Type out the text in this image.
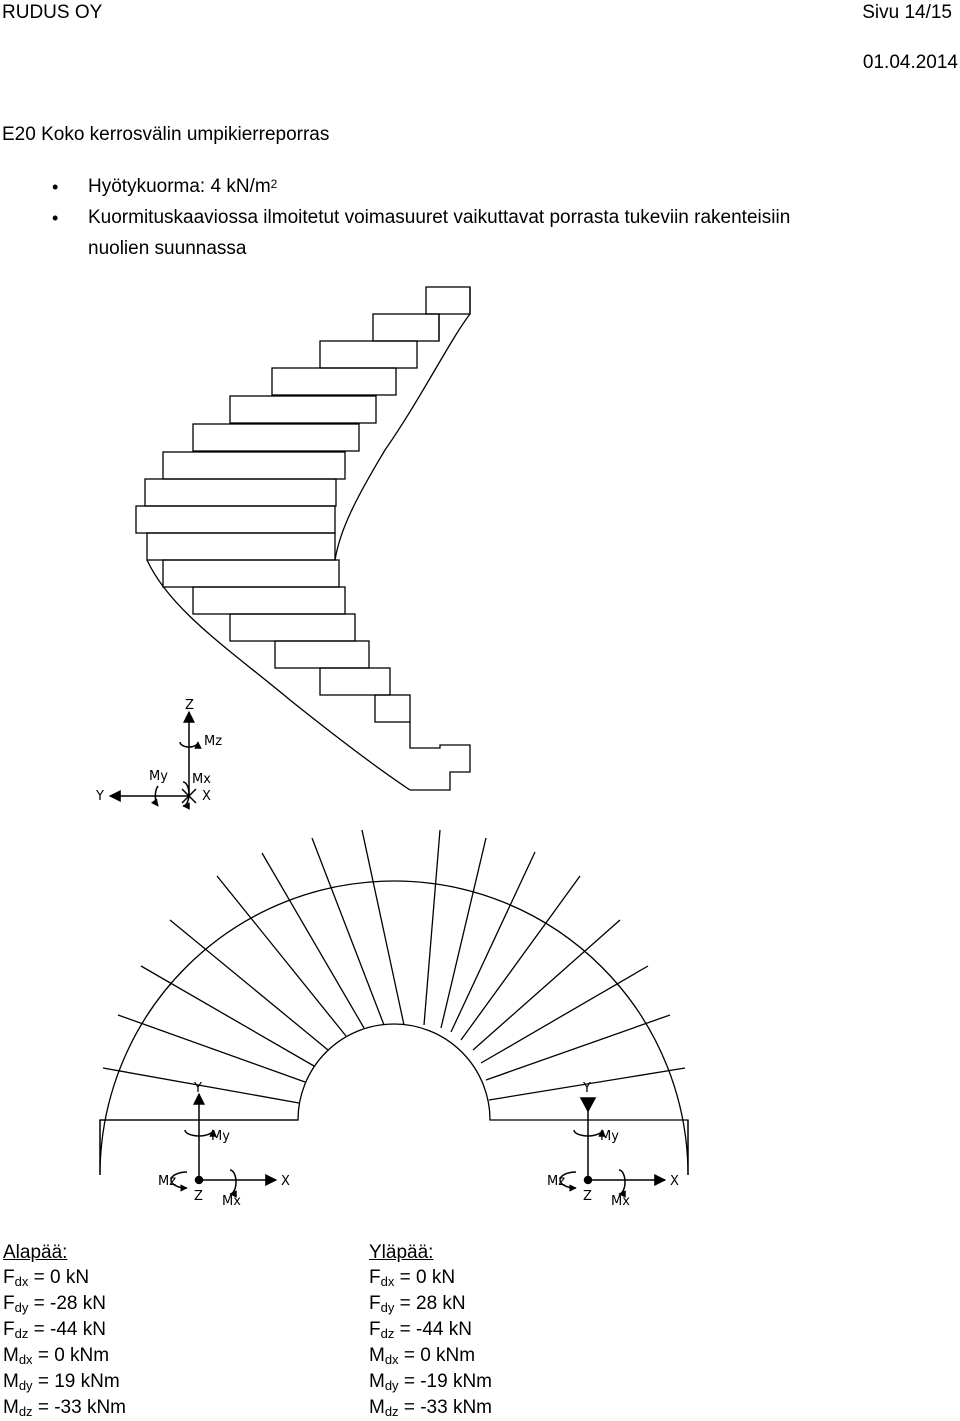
RUDUS OY	Sivu 14/15
01.04.2014
E20 Koko kerrosvälin umpikierreporras
•
Hyötykuorma: 4 $kN/m^2$
•
Kuormituskaaviossa ilmoitetut voimasuuret vaikuttavat porrasta tukeviin rakenteisiin
nuolien suunnassa
Z
Mz
My Mx
Y	X
Y
My
Mz
Z
X
Mx
Y
My
Mz
Z
X
Mx
Alapää:
$F_{dx} = 0$ kN
$F_{dy} = -28$ kN
$F_{dz} = -44$ kN
$M_{dx} = 0$ kNm
$M_{dy} = 19$ kNm
$M_{dz} = -33$ kNm
Yläpää:
$F_{dx} = 0$ kN
$F_{dy} = 28$ kN
$F_{dz} = -44$ kN
$M_{dx} = 0$ kNm
$M_{dy} = -19$ kNm
$M_{dz} = -33$ kNm
